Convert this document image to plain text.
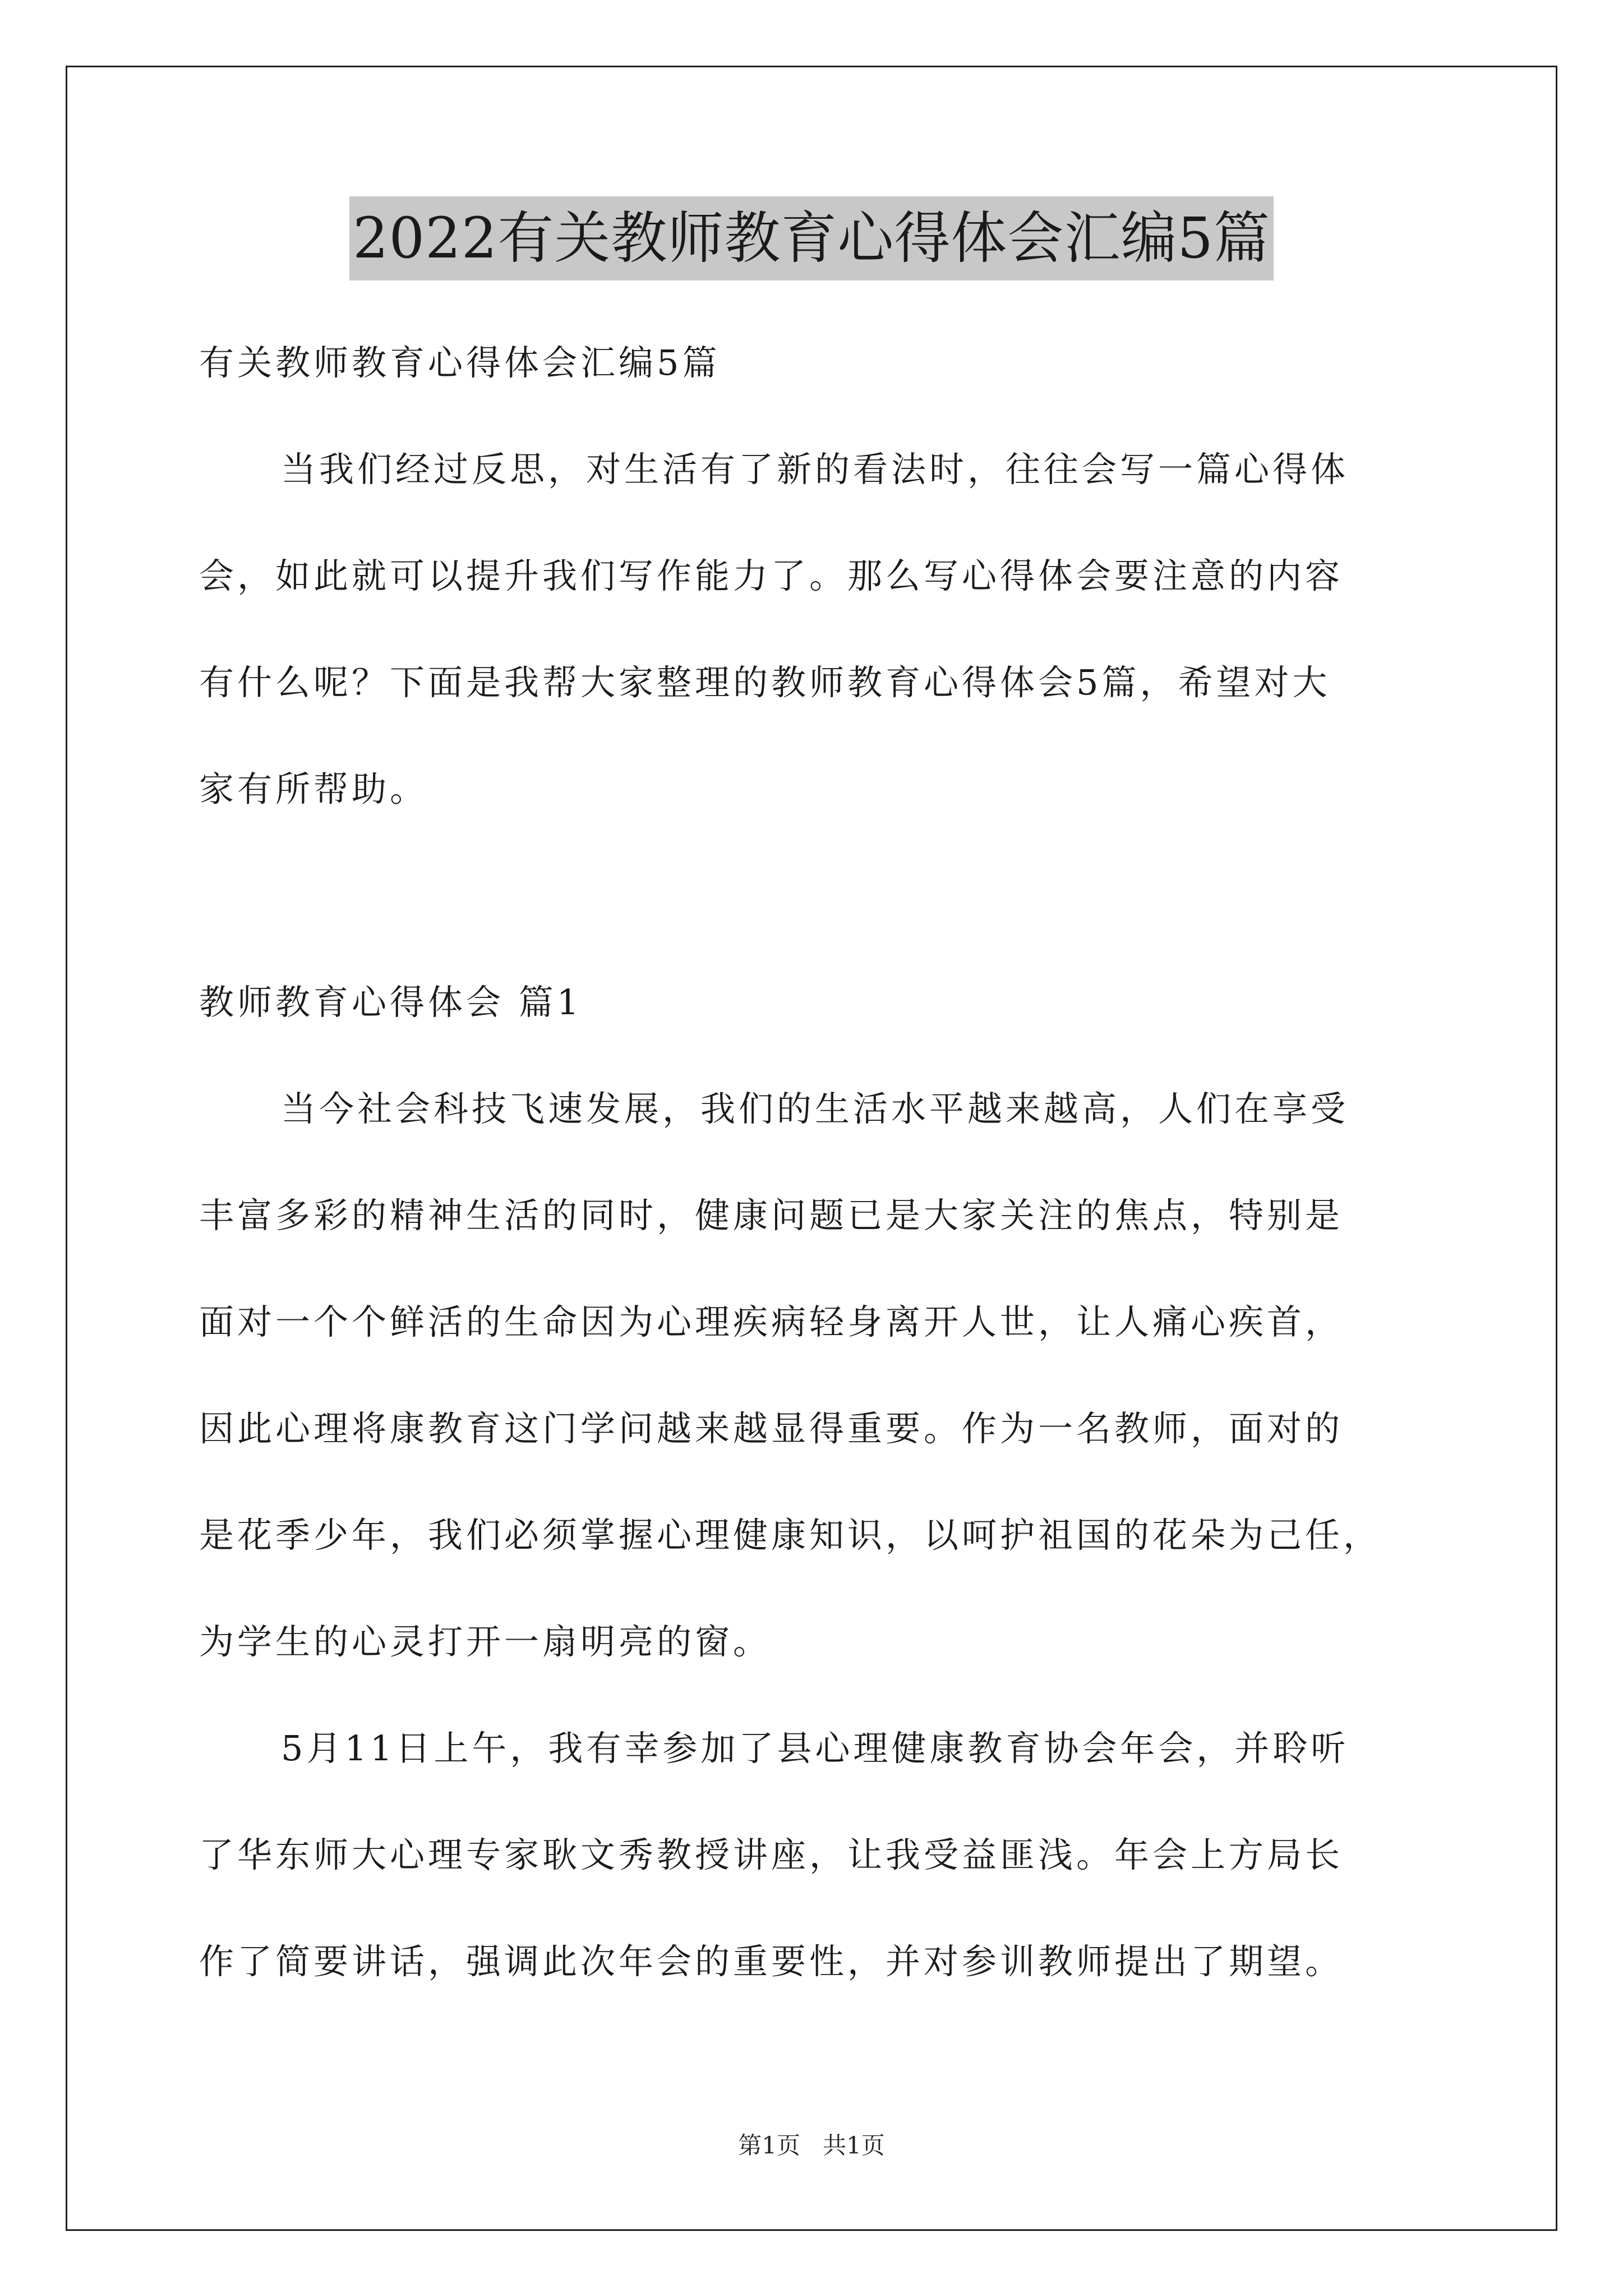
2022有关教师教育心得体会汇编5篇
有关教师教育心得体会汇编5篇
当我们经过反思，对生活有了新的看法时，往往会写一篇心得体
会，如此就可以提升我们写作能力了。那么写心得体会要注意的内容
有什么呢？下面是我帮大家整理的教师教育心得体会5篇，希望对大
家有所帮助。
教师教育心得体会 篇1
当今社会科技飞速发展，我们的生活水平越来越高，人们在享受
丰富多彩的精神生活的同时，健康问题已是大家关注的焦点，特别是
面对一个个鲜活的生命因为心理疾病轻身离开人世，让人痛心疾首，
因此心理将康教育这门学问越来越显得重要。作为一名教师，面对的
是花季少年，我们必须掌握心理健康知识，以呵护祖国的花朵为己任，
为学生的心灵打开一扇明亮的窗。
5月11日上午，我有幸参加了县心理健康教育协会年会，并聆听
了华东师大心理专家耿文秀教授讲座，让我受益匪浅。年会上方局长
作了简要讲话，强调此次年会的重要性，并对参训教师提出了期望。
第1页 共1页
